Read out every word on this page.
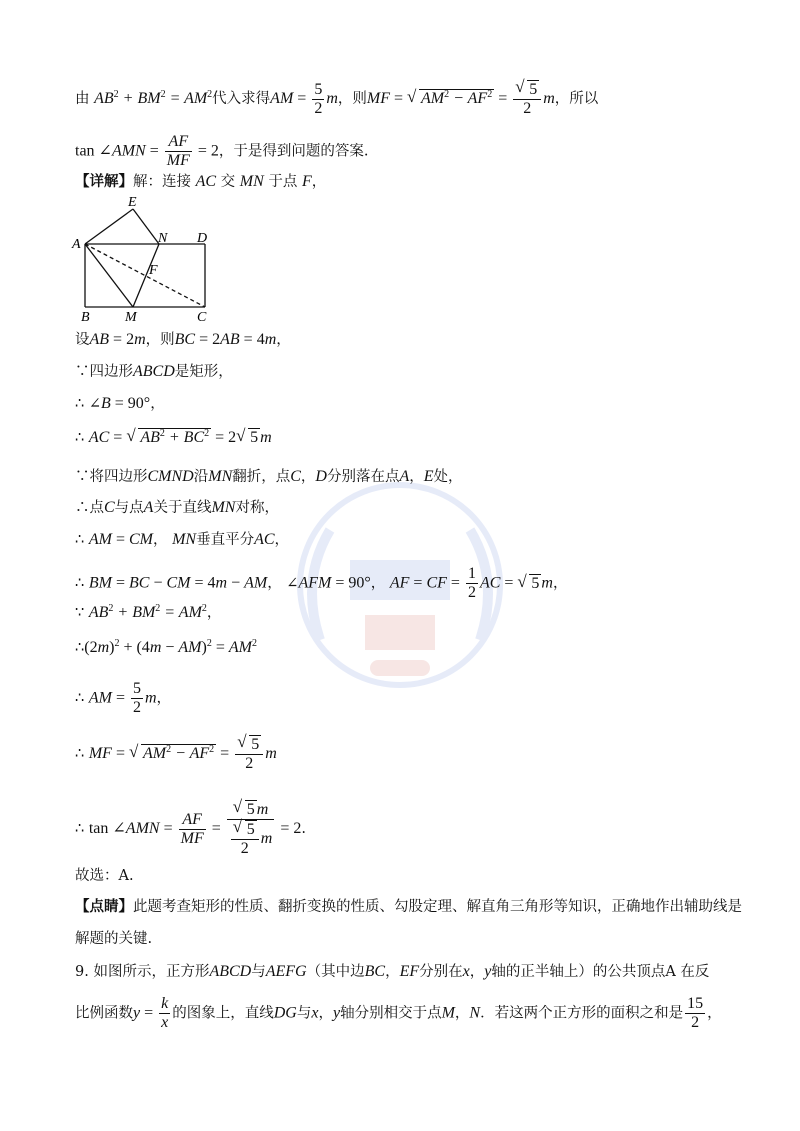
由 $AB^2 + BM^2 = AM^2$代入求得AM = $\frac{5}{2}$ m，则MF = √ $AM^2 - AF^2$ =
√ $\frac{5}{2}$ m，所以
tan ∠AMN = $\frac{AF}{MF} = 2$，于是得到问题的答案.
【详解】解：连接 AC 交 MN 于点 F，
E
A	N D
F
B	M	C
设AB = 2m，则BC = 2AB = 4m，
∵四边形ABCD是矩形，
∴ ∠B = 90°，
∴ AC = √ $AB^2 + BC^2 = 2√$ 5 m
∵将四边形CMND沿MN翻折，点C，D分别落在点A，E处，
∴点C与点A关于直线MN对称，
∴ AM = CM， MN垂直平分AC，
∴ BM = BC − CM = 4m − AM， ∠AFM = 90°， AF = CF = $\frac{1}{2}$ AC = √ 5 m，
∵ $AB^2 + BM^2 = AM^2$，
$\therefore(2m)^2 + (4m - AM)^2 = AM^2$
∴ AM = $\frac{5}{2}$ m，
∴ MF = √ $AM^2 - AF^2$ =
√ $\frac{5}{2}$ m
∴ tan ∠AMN = $\frac{AF}{MF}$ =
√ 5 m
√ $\frac{5}{2}$ m = 2.
故选：A.
【点睛】此题考查矩形的性质、翻折变换的性质、勾股定理、解直角三角形等知识，正确地作出辅助线是
解题的关键.
9. 如图所示，正方形ABCD与AEFG（其中边BC，EF分别在x，y轴的正半轴上）的公共顶点A 在反
比例函数$y = \frac{k}{x}$ 的图象上，直线DG与x，y轴分别相交于点M，N．若这两个正方形的面积之和是 $\frac{15}{2}$ ，
